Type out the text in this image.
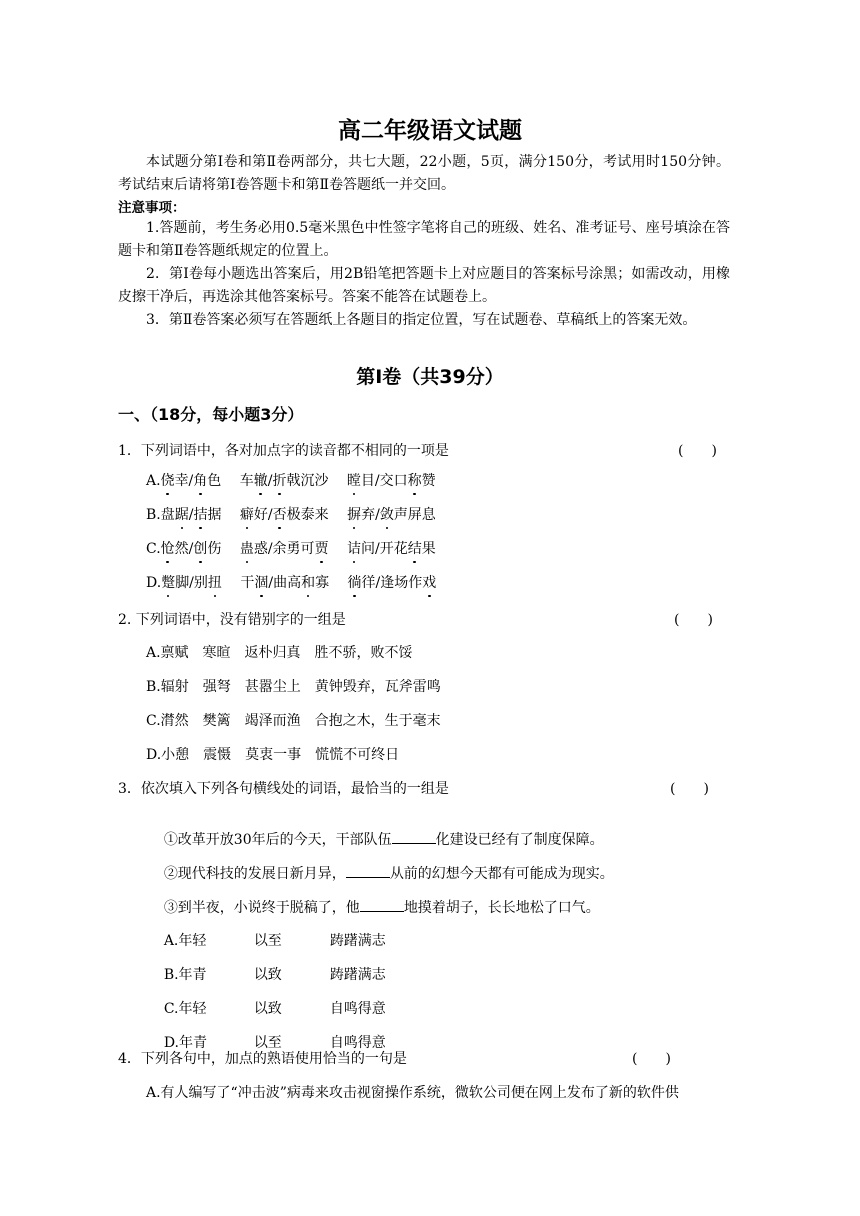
高二年级语文试题
本试题分第Ⅰ卷和第Ⅱ卷两部分，共七大题，22小题，5页，满分150分，考试用时150分钟。考试结束后请将第Ⅰ卷答题卡和第Ⅱ卷答题纸一并交回。
注意事项：
1.答题前，考生务必用0.5毫米黑色中性签字笔将自己的班级、姓名、准考证号、座号填涂在答题卡和第Ⅱ卷答题纸规定的位置上。
2．第Ⅰ卷每小题选出答案后，用2B铅笔把答题卡上对应题目的答案标号涂黑；如需改动，用橡皮擦干净后，再选涂其他答案标号。答案不能答在试题卷上。
3．第Ⅱ卷答案必须写在答题纸上各题目的指定位置，写在试题卷、草稿纸上的答案无效。
第Ⅰ卷（共39分）
一、（18分，每小题3分）
1．下列词语中，各对加点字的读音都不相同的一项是	(　　)
A.侥幸/角色　 车辙/折戟沉沙　 瞠目/交口称赞
B.盘踞/拮据　 癖好/否极泰来　 摒弃/敛声屏息
C.怆然/创伤　 蛊惑/余勇可贾　 诘问/开花结果
D.蹩脚/别扭　 干涸/曲高和寡　 徜徉/逢场作戏
2. 下列词语中，没有错别字的一组是	(　　)
A.禀赋　寒暄　返朴归真　胜不骄，败不馁
B.辐射　强弩　甚嚣尘上　黄钟毁弃，瓦斧雷鸣
C.潸然　樊篱　竭泽而渔　合抱之木，生于毫末
D.小憩　震慑　莫衷一事　慌慌不可终日
3．依次填入下列各句横线处的词语，最恰当的一组是	(　　)

①改革开放30年后的今天，干部队伍	化建设已经有了制度保障。

②现代科技的发展日新月异，	从前的幻想今天都有可能成为现实。

③到半夜，小说终于脱稿了，他	地摸着胡子，长长地松了口气。

A.年轻	以至	踌躇满志

B.年青	以致	踌躇满志

C.年轻	以致	自鸣得意

D.年青	以至	自鸣得意

4．下列各句中，加点的熟语使用恰当的一句是	(　　)
A.有人编写了“冲击波”病毒来攻击视窗操作系统，微软公司便在网上发布了新的软件供
